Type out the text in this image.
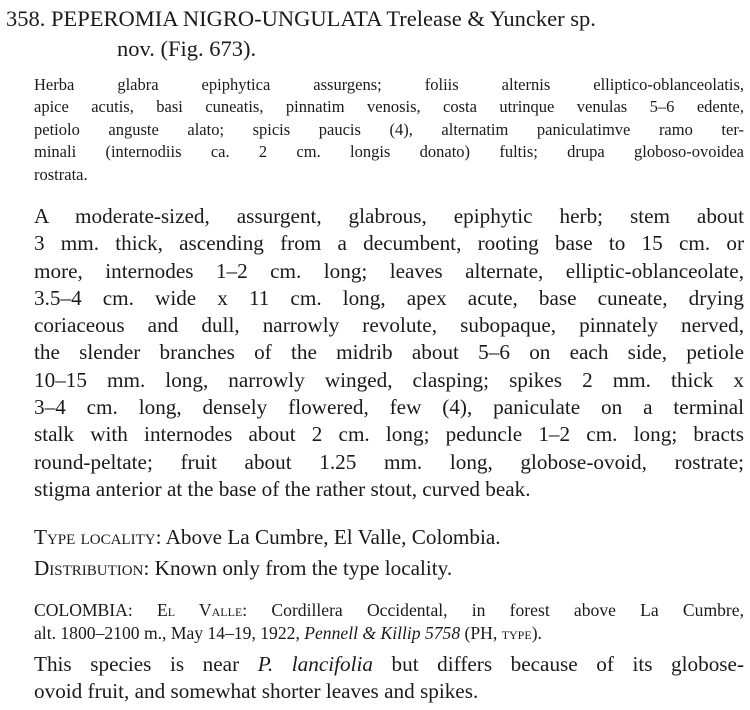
358. PEPEROMIA NIGRO-UNGULATA Trelease & Yuncker sp.
nov. (Fig. 673).
Herba glabra epiphytica assurgens; foliis alternis elliptico-oblanceolatis,
apice acutis, basi cuneatis, pinnatim venosis, costa utrinque venulas 5–6 edente,
petiolo anguste alato; spicis paucis (4), alternatim paniculatimve ramo ter-
minali (internodiis ca. 2 cm. longis donato) fultis; drupa globoso-ovoidea
rostrata.
A moderate-sized, assurgent, glabrous, epiphytic herb; stem about
3 mm. thick, ascending from a decumbent, rooting base to 15 cm. or
more, internodes 1–2 cm. long; leaves alternate, elliptic-oblanceolate,
3.5–4 cm. wide x 11 cm. long, apex acute, base cuneate, drying
coriaceous and dull, narrowly revolute, subopaque, pinnately nerved,
the slender branches of the midrib about 5–6 on each side, petiole
10–15 mm. long, narrowly winged, clasping; spikes 2 mm. thick x
3–4 cm. long, densely flowered, few (4), paniculate on a terminal
stalk with internodes about 2 cm. long; peduncle 1–2 cm. long; bracts
round-peltate; fruit about 1.25 mm. long, globose-ovoid, rostrate;
stigma anterior at the base of the rather stout, curved beak.
Type locality: Above La Cumbre, El Valle, Colombia.
Distribution: Known only from the type locality.
COLOMBIA: El Valle: Cordillera Occidental, in forest above La Cumbre,
alt. 1800–2100 m., May 14–19, 1922, Pennell & Killip 5758 (PH, type).
This species is near P. lancifolia but differs because of its globose-
ovoid fruit, and somewhat shorter leaves and spikes.
